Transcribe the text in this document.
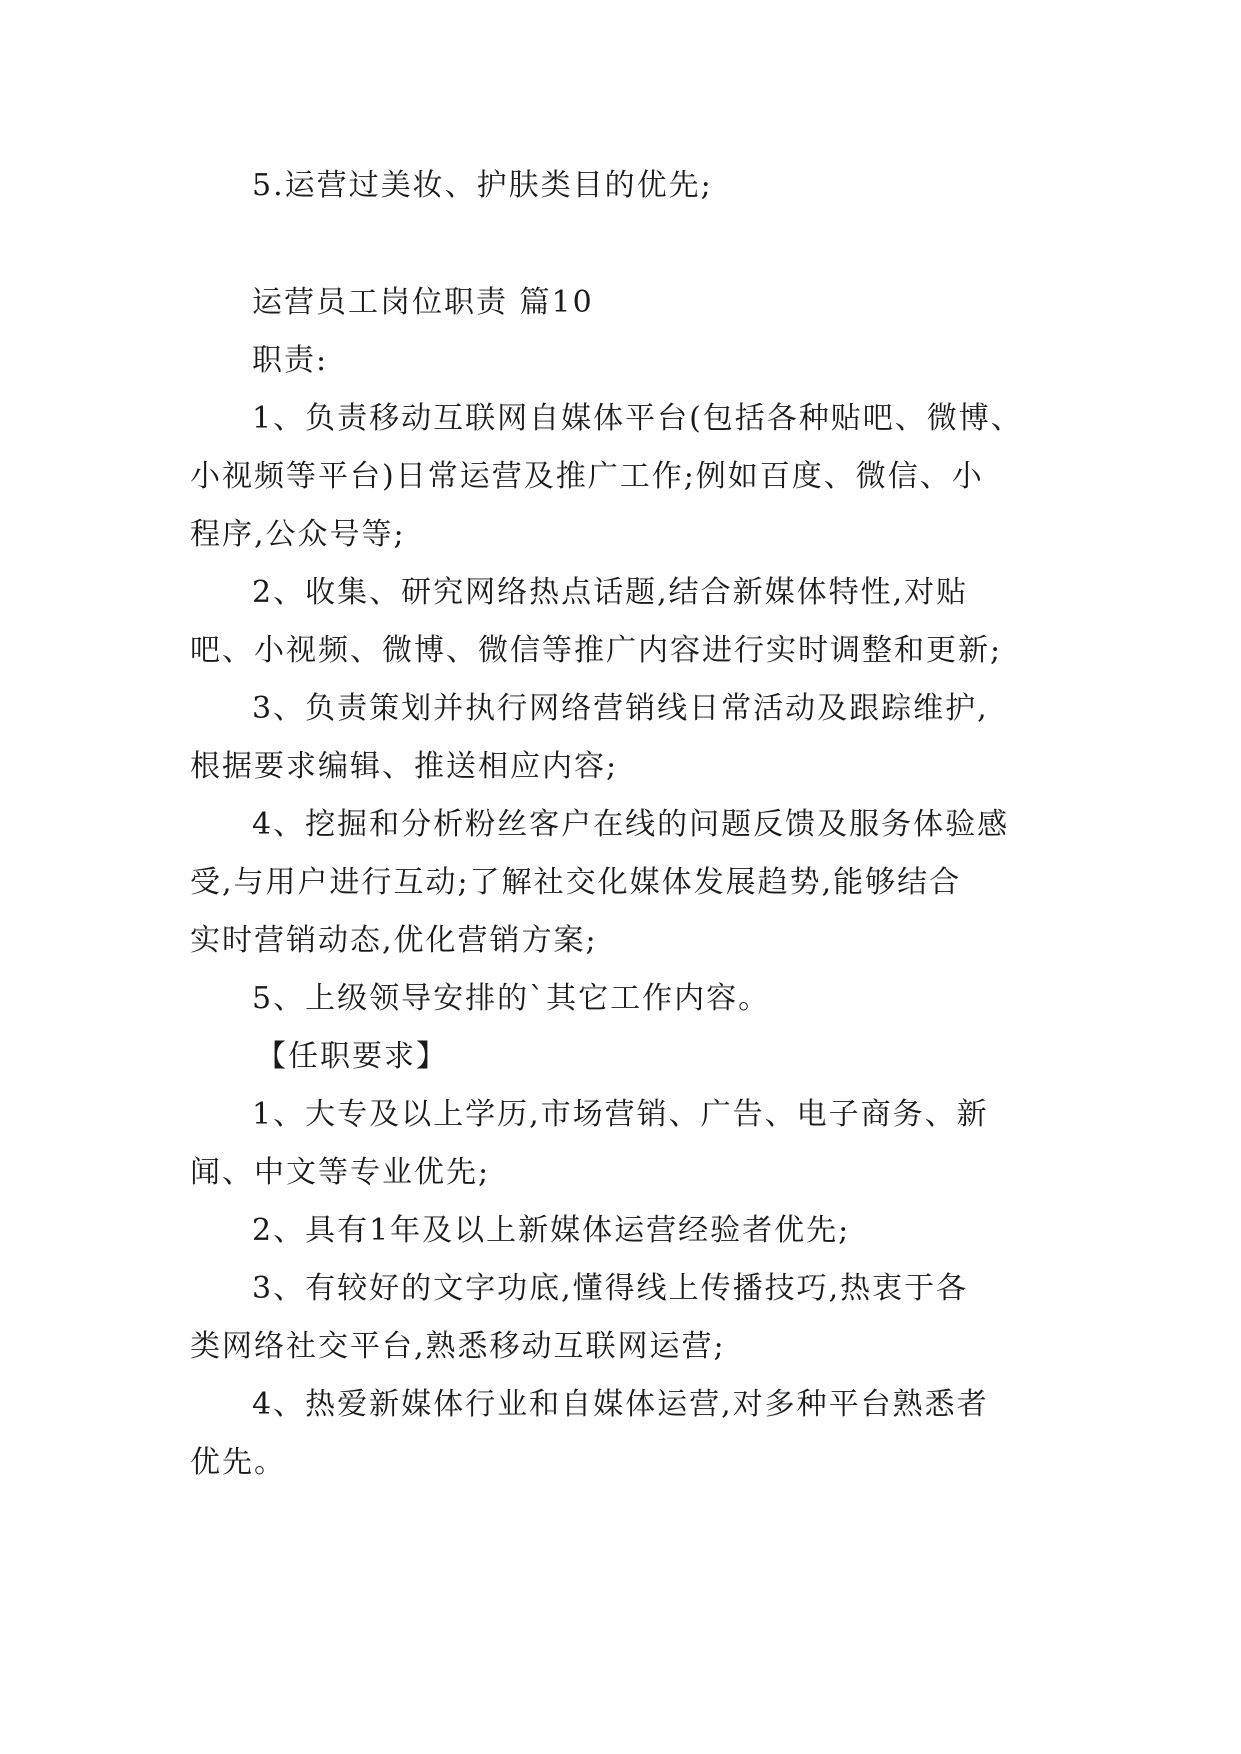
5.运营过美妆、护肤类目的优先;
运营员工岗位职责 篇10
职责:
1、负责移动互联网自媒体平台(包括各种贴吧、微博、
小视频等平台)日常运营及推广工作;例如百度、微信、小
程序,公众号等;
2、收集、研究网络热点话题,结合新媒体特性,对贴
吧、小视频、微博、微信等推广内容进行实时调整和更新;
3、负责策划并执行网络营销线日常活动及跟踪维护,
根据要求编辑、推送相应内容;
4、挖掘和分析粉丝客户在线的问题反馈及服务体验感
受,与用户进行互动;了解社交化媒体发展趋势,能够结合
实时营销动态,优化营销方案;
5、上级领导安排的`其它工作内容。
【任职要求】
1、大专及以上学历,市场营销、广告、电子商务、新
闻、中文等专业优先;
2、具有1年及以上新媒体运营经验者优先;
3、有较好的文字功底,懂得线上传播技巧,热衷于各
类网络社交平台,熟悉移动互联网运营;
4、热爱新媒体行业和自媒体运营,对多种平台熟悉者
优先。
